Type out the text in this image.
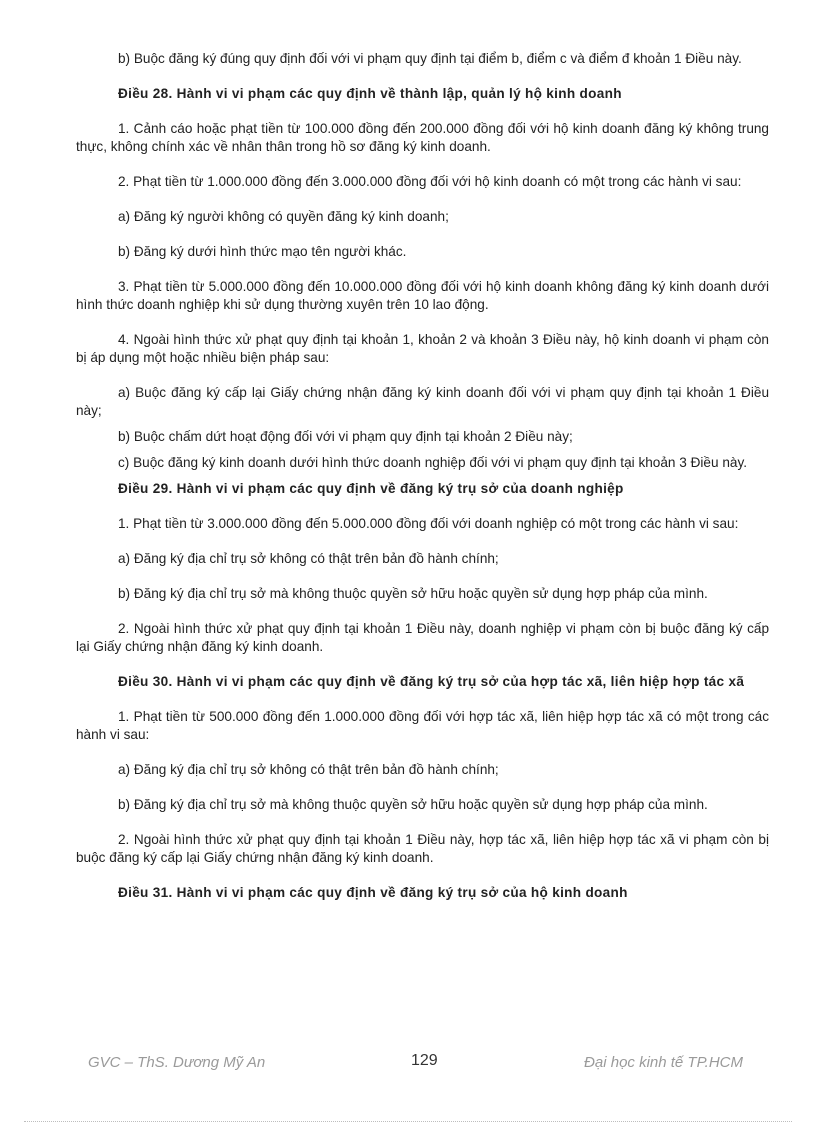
b) Buộc đăng ký đúng quy định đối với vi phạm quy định tại điểm b, điểm c và điểm đ khoản 1 Điều này.

Điều 28. Hành vi vi phạm các quy định về thành lập, quản lý hộ kinh doanh

1. Cảnh cáo hoặc phạt tiền từ 100.000 đồng đến 200.000 đồng đối với hộ kinh doanh đăng ký không trung thực, không chính xác về nhân thân trong hồ sơ đăng ký kinh doanh.

2. Phạt tiền từ 1.000.000 đồng đến 3.000.000 đồng đối với hộ kinh doanh có một trong các hành vi sau:

a) Đăng ký người không có quyền đăng ký kinh doanh;

b) Đăng ký dưới hình thức mạo tên người khác.

3. Phạt tiền từ 5.000.000 đồng đến 10.000.000 đồng đối với hộ kinh doanh không đăng ký kinh doanh dưới hình thức doanh nghiệp khi sử dụng thường xuyên trên 10 lao động.

4. Ngoài hình thức xử phạt quy định tại khoản 1, khoản 2 và khoản 3 Điều này, hộ kinh doanh vi phạm còn bị áp dụng một hoặc nhiều biện pháp sau:

a) Buộc đăng ký cấp lại Giấy chứng nhận đăng ký kinh doanh đối với vi phạm quy định tại khoản 1 Điều này;

b) Buộc chấm dứt hoạt động đối với vi phạm quy định tại khoản 2 Điều này;

c) Buộc đăng ký kinh doanh dưới hình thức doanh nghiệp đối với vi phạm quy định tại khoản 3 Điều này.

Điều 29. Hành vi vi phạm các quy định về đăng ký trụ sở của doanh nghiệp

1. Phạt tiền từ 3.000.000 đồng đến 5.000.000 đồng đối với doanh nghiệp có một trong các hành vi sau:

a) Đăng ký địa chỉ trụ sở không có thật trên bản đồ hành chính;

b) Đăng ký địa chỉ trụ sở mà không thuộc quyền sở hữu hoặc quyền sử dụng hợp pháp của mình.

2. Ngoài hình thức xử phạt quy định tại khoản 1 Điều này, doanh nghiệp vi phạm còn bị buộc đăng ký cấp lại Giấy chứng nhận đăng ký kinh doanh.

Điều 30. Hành vi vi phạm các quy định về đăng ký trụ sở của hợp tác xã, liên hiệp hợp tác xã

1. Phạt tiền từ 500.000 đồng đến 1.000.000 đồng đối với hợp tác xã, liên hiệp hợp tác xã có một trong các hành vi sau:

a) Đăng ký địa chỉ trụ sở không có thật trên bản đồ hành chính;

b) Đăng ký địa chỉ trụ sở mà không thuộc quyền sở hữu hoặc quyền sử dụng hợp pháp của mình.

2. Ngoài hình thức xử phạt quy định tại khoản 1 Điều này, hợp tác xã, liên hiệp hợp tác xã vi phạm còn bị buộc đăng ký cấp lại Giấy chứng nhận đăng ký kinh doanh.

Điều 31. Hành vi vi phạm các quy định về đăng ký trụ sở của hộ kinh doanh

GVC – ThS. Dương Mỹ An	129	Đại học kinh tế TP.HCM
